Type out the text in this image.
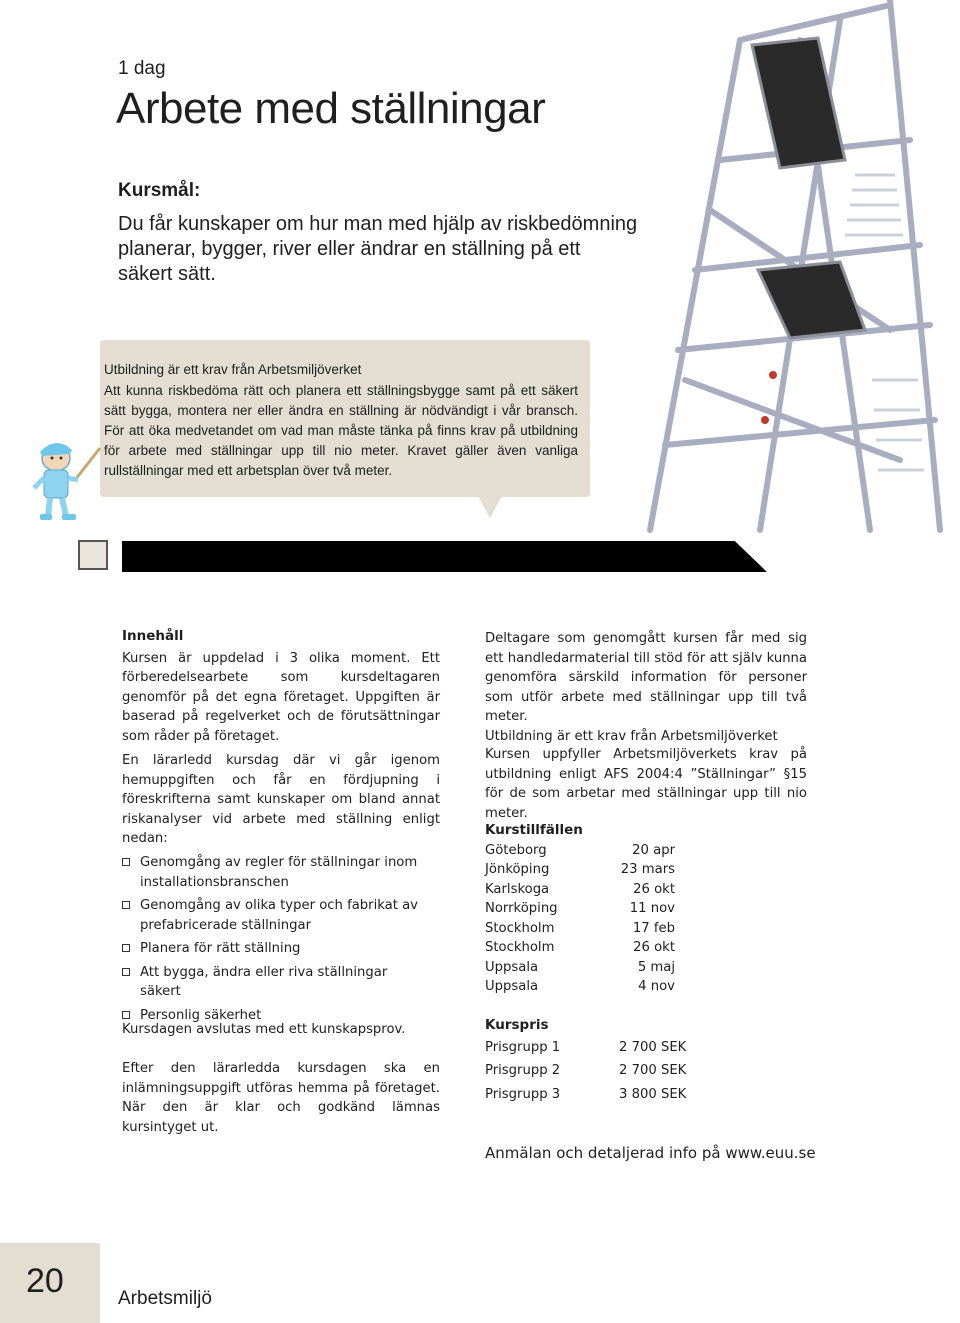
1 dag
Arbete med ställningar
Kursmål:
Du får kunskaper om hur man med hjälp av riskbedömning planerar, bygger, river eller ändrar en ställning på ett säkert sätt.
Utbildning är ett krav från Arbetsmiljöverket
Att kunna riskbedöma rätt och planera ett ställningsbygge samt på ett säkert sätt bygga, montera ner eller ändra en ställning är nödvändigt i vår bransch. För att öka medvetandet om vad man måste tänka på finns krav på utbildning för arbete med ställningar upp till nio meter. Kravet gäller även vanliga rullställningar med ett arbetsplan över två meter.
Innehåll
Kursen är uppdelad i 3 olika moment. Ett förberedelsearbete som kursdeltagaren genomför på det egna företaget. Uppgiften är baserad på regelverket och de förutsättningar som råder på företaget.
En lärarledd kursdag där vi går igenom hemuppgiften och får en fördjupning i föreskrifterna samt kunskaper om bland annat riskanalyser vid arbete med ställning enligt nedan:
Genomgång av regler för ställningar inom installationsbranschen
Genomgång av olika typer och fabrikat av prefabricerade ställningar
Planera för rätt ställning
Att bygga, ändra eller riva ställningar säkert
Personlig säkerhet
Kursdagen avslutas med ett kunskapsprov.
Efter den lärarledda kursdagen ska en inlämningsuppgift utföras hemma på företaget. När den är klar och godkänd lämnas kursintyget ut.
Deltagare som genomgått kursen får med sig ett handledarmaterial till stöd för att själv kunna genomföra särskild information för personer som utför arbete med ställningar upp till två meter.
Utbildning är ett krav från Arbetsmiljöverket
Kursen uppfyller Arbetsmiljöverkets krav på utbildning enligt AFS 2004:4 ”Ställningar” §15 för de som arbetar med ställningar upp till nio meter.
Kurstillfällen
Göteborg	20 apr
Jönköping	23 mars
Karlskoga	26 okt
Norrköping	11 nov
Stockholm	17 feb
Stockholm	26 okt
Uppsala	5 maj
Uppsala	4 nov
Kurspris
Prisgrupp 1	2 700 SEK
Prisgrupp 2	2 700 SEK
Prisgrupp 3	3 800 SEK
Anmälan och detaljerad info på www.euu.se
20	Arbetsmiljö
